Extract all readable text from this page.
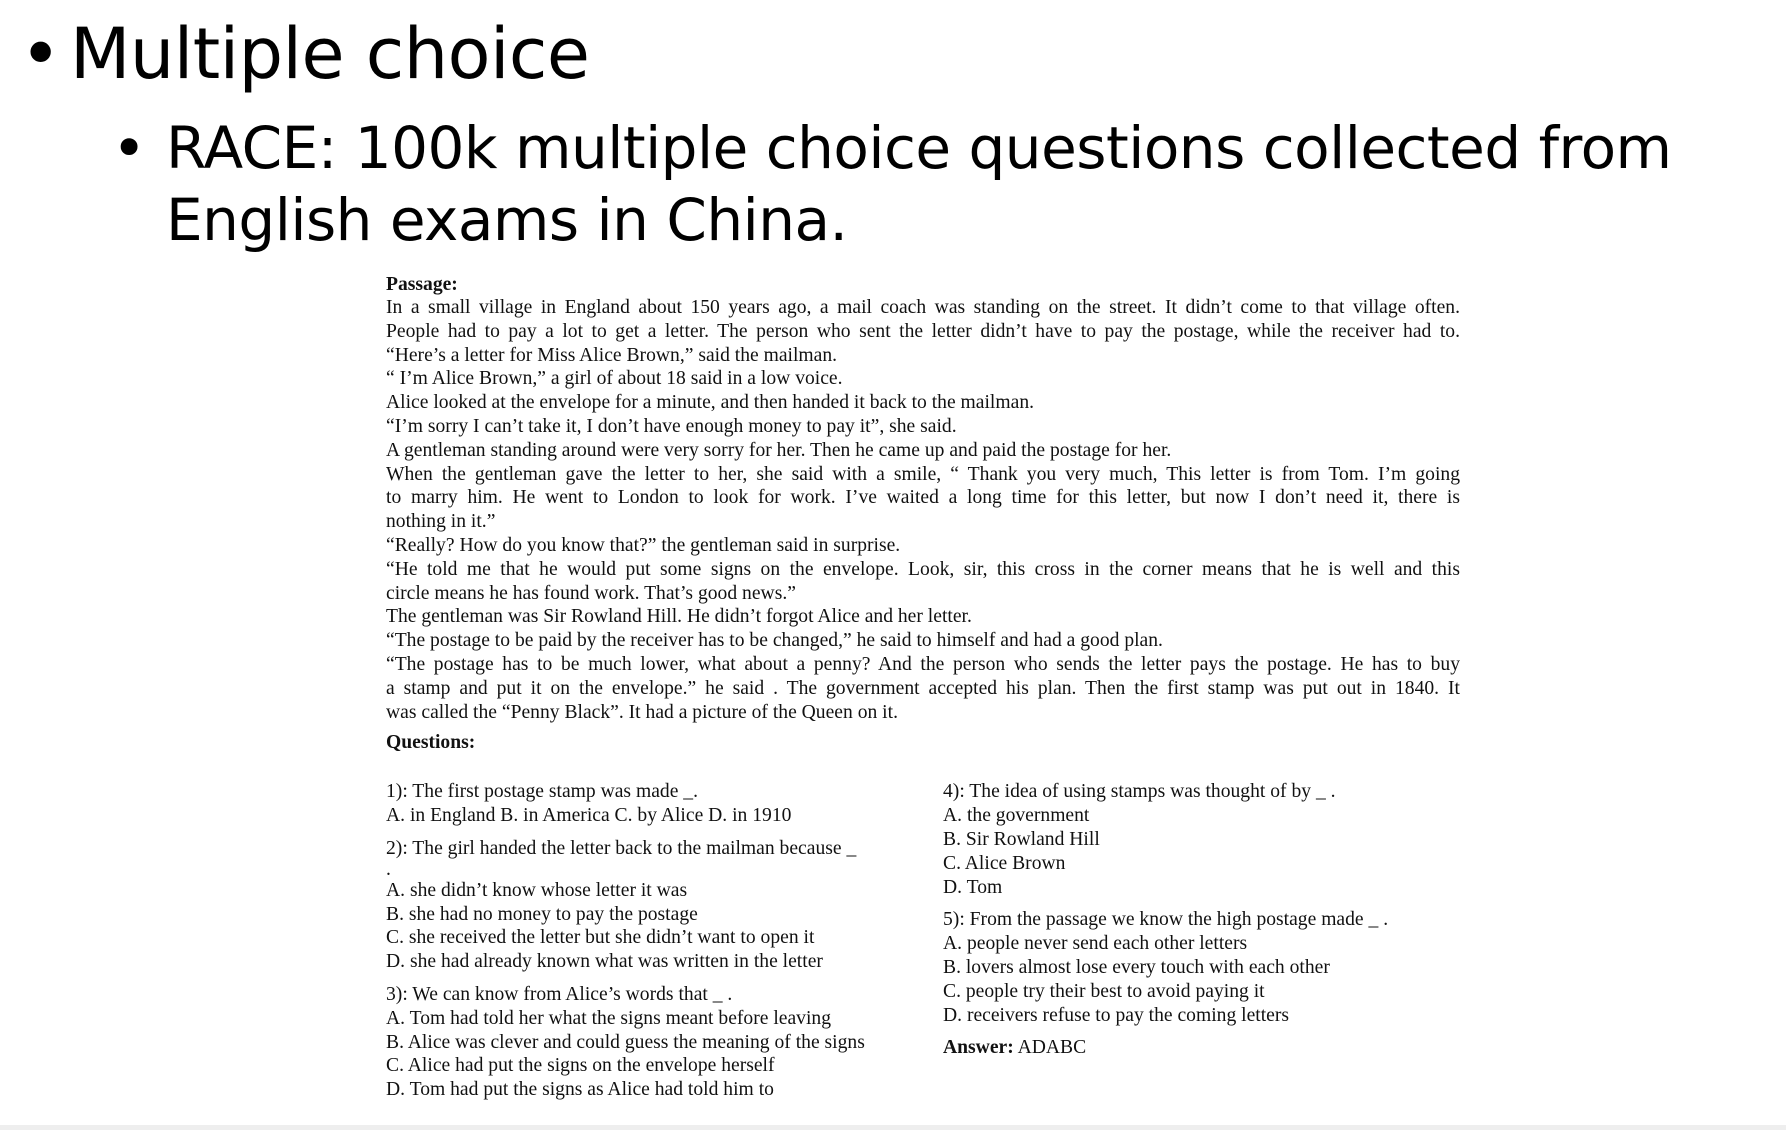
• Multiple choice
• RACE: 100k multiple choice questions collected from English exams in China.
Passage:
In a small village in England about 150 years ago, a mail coach was standing on the street. It didn’t come to that village often.
People had to pay a lot to get a letter. The person who sent the letter didn’t have to pay the postage, while the receiver had to.
“Here’s a letter for Miss Alice Brown,” said the mailman.
“ I’m Alice Brown,” a girl of about 18 said in a low voice.
Alice looked at the envelope for a minute, and then handed it back to the mailman.
“I’m sorry I can’t take it, I don’t have enough money to pay it”, she said.
A gentleman standing around were very sorry for her. Then he came up and paid the postage for her.
When the gentleman gave the letter to her, she said with a smile, “ Thank you very much, This letter is from Tom. I’m going
to marry him. He went to London to look for work. I’ve waited a long time for this letter, but now I don’t need it, there is
nothing in it.”
“Really? How do you know that?” the gentleman said in surprise.
“He told me that he would put some signs on the envelope. Look, sir, this cross in the corner means that he is well and this
circle means he has found work. That’s good news.”
The gentleman was Sir Rowland Hill. He didn’t forgot Alice and her letter.
“The postage to be paid by the receiver has to be changed,” he said to himself and had a good plan.
“The postage has to be much lower, what about a penny? And the person who sends the letter pays the postage. He has to buy
a stamp and put it on the envelope.” he said . The government accepted his plan. Then the first stamp was put out in 1840. It
was called the “Penny Black”. It had a picture of the Queen on it.
Questions:
1): The first postage stamp was made _.
A. in England B. in America C. by Alice D. in 1910
2): The girl handed the letter back to the mailman because _
.
A. she didn’t know whose letter it was
B. she had no money to pay the postage
C. she received the letter but she didn’t want to open it
D. she had already known what was written in the letter
3): We can know from Alice’s words that _ .
A. Tom had told her what the signs meant before leaving
B. Alice was clever and could guess the meaning of the signs
C. Alice had put the signs on the envelope herself
D. Tom had put the signs as Alice had told him to
4): The idea of using stamps was thought of by _ .
A. the government
B. Sir Rowland Hill
C. Alice Brown
D. Tom
5): From the passage we know the high postage made _ .
A. people never send each other letters
B. lovers almost lose every touch with each other
C. people try their best to avoid paying it
D. receivers refuse to pay the coming letters
Answer: ADABC
